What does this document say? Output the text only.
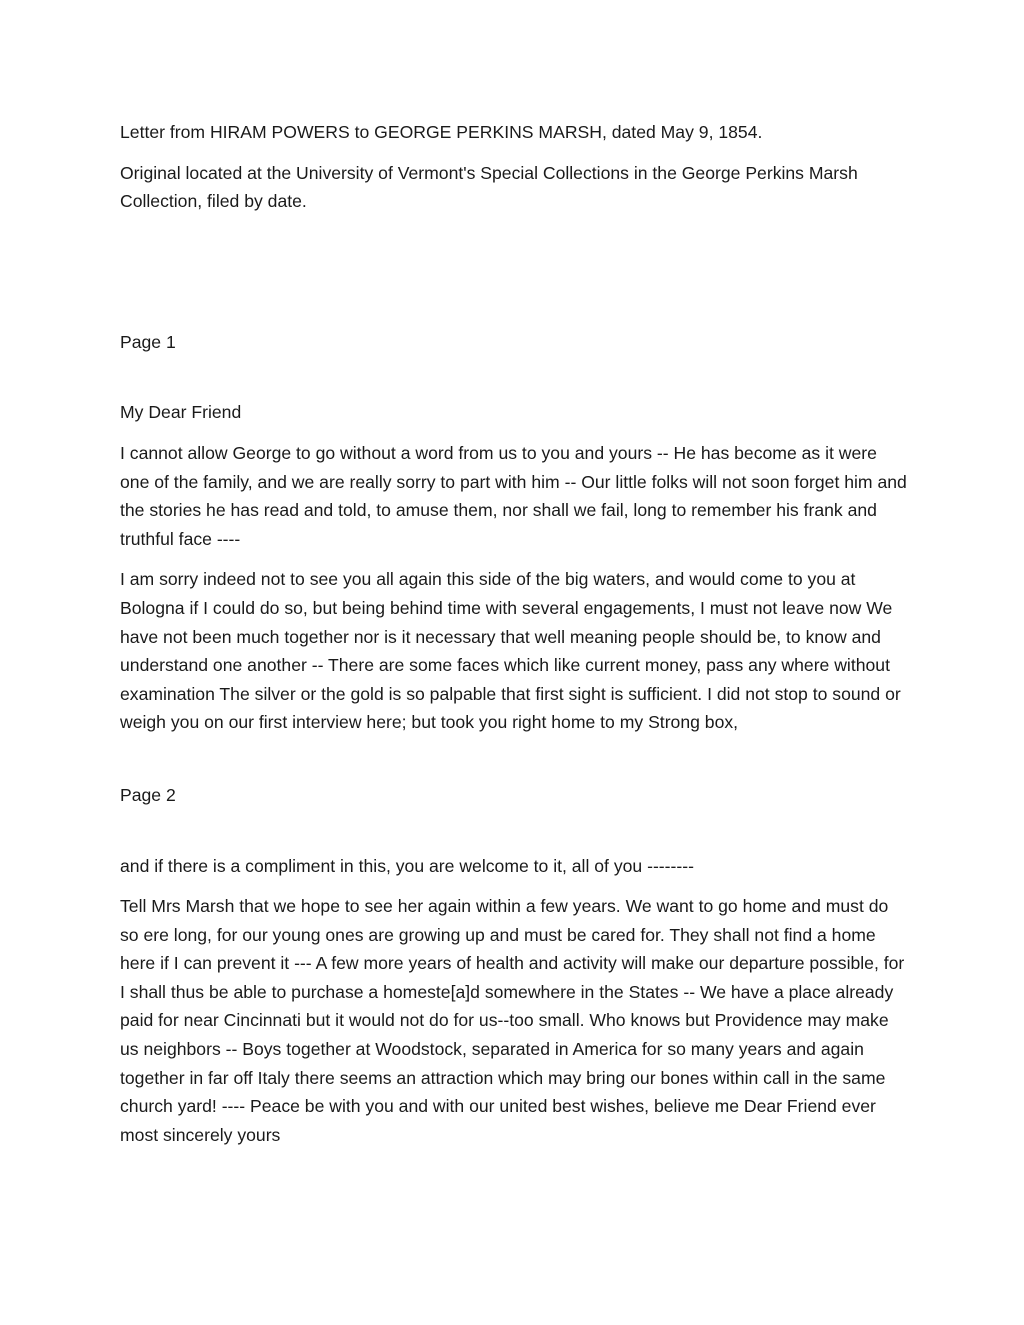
Letter from HIRAM POWERS to GEORGE PERKINS MARSH, dated May 9, 1854.

Original located at the University of Vermont's Special Collections in the George Perkins Marsh Collection, filed by date.

Page 1

My Dear Friend

I cannot allow George to go without a word from us to you and yours -- He has become as it were one of the family, and we are really sorry to part with him -- Our little folks will not soon forget him and the stories he has read and told, to amuse them, nor shall we fail, long to remember his frank and truthful face ----

I am sorry indeed not to see you all again this side of the big waters, and would come to you at Bologna if I could do so, but being behind time with several engagements, I must not leave now We have not been much together nor is it necessary that well meaning people should be, to know and understand one another -- There are some faces which like current money, pass any where without examination The silver or the gold is so palpable that first sight is sufficient. I did not stop to sound or weigh you on our first interview here; but took you right home to my Strong box,

Page 2

and if there is a compliment in this, you are welcome to it, all of you --------

Tell Mrs Marsh that we hope to see her again within a few years. We want to go home and must do so ere long, for our young ones are growing up and must be cared for. They shall not find a home here if I can prevent it --- A few more years of health and activity will make our departure possible, for I shall thus be able to purchase a homeste[a]d somewhere in the States -- We have a place already paid for near Cincinnati but it would not do for us--too small. Who knows but Providence may make us neighbors -- Boys together at Woodstock, separated in America for so many years and again together in far off Italy there seems an attraction which may bring our bones within call in the same church yard! ---- Peace be with you and with our united best wishes, believe me Dear Friend ever most sincerely yours
